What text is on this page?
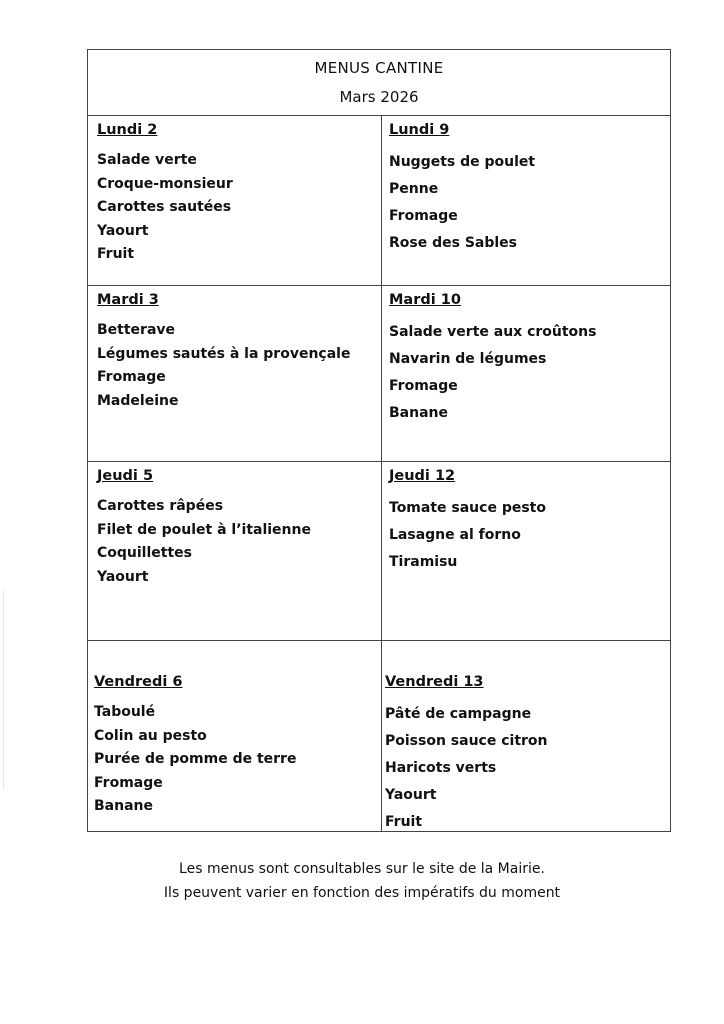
MENUS CANTINE
Mars 2026
Lundi 2
Salade verte
Croque-monsieur
Carottes sautées
Yaourt
Fruit
Lundi 9
Nuggets de poulet
Penne
Fromage
Rose des Sables
Mardi 3
Betterave
Légumes sautés à la provençale
Fromage
Madeleine
Mardi 10
Salade verte aux croûtons
Navarin de légumes
Fromage
Banane
Jeudi 5
Carottes râpées
Filet de poulet à l’italienne
Coquillettes
Yaourt
Jeudi 12
Tomate sauce pesto
Lasagne al forno
Tiramisu
Vendredi 6
Taboulé
Colin au pesto
Purée de pomme de terre
Fromage
Banane
Vendredi 13
Pâté de campagne
Poisson sauce citron
Haricots verts
Yaourt
Fruit
Les menus sont consultables sur le site de la Mairie.
Ils peuvent varier en fonction des impératifs du moment
